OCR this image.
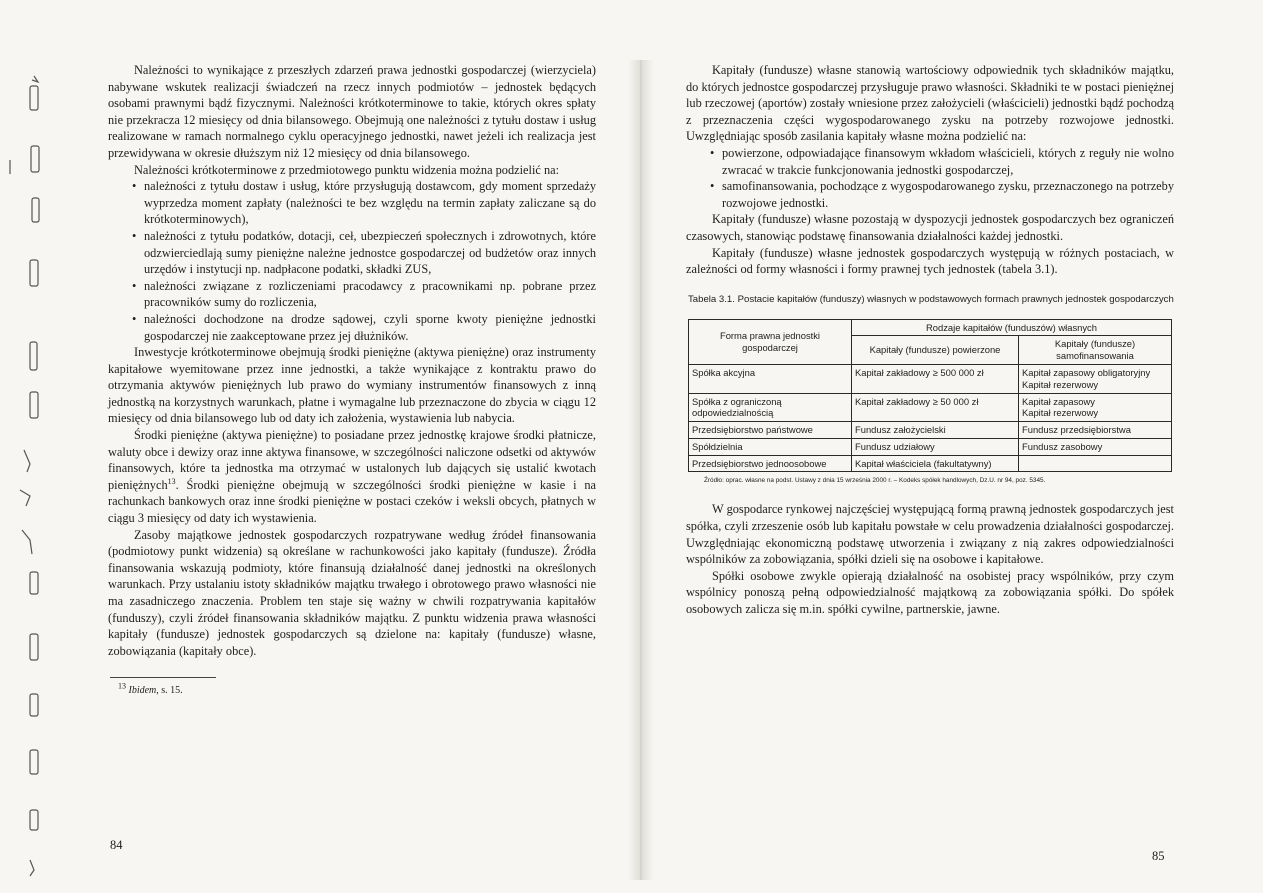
Należności to wynikające z przeszłych zdarzeń prawa jednostki gospodarczej (wierzyciela) nabywane wskutek realizacji świadczeń na rzecz innych podmiotów – jednostek będących osobami prawnymi bądź fizycznymi. Należności krótkoterminowe to takie, których okres spłaty nie przekracza 12 miesięcy od dnia bilansowego. Obejmują one należności z tytułu dostaw i usług realizowane w ramach normalnego cyklu operacyjnego jednostki, nawet jeżeli ich realizacja jest przewidywana w okresie dłuższym niż 12 miesięcy od dnia bilansowego.

Należności krótkoterminowe z przedmiotowego punktu widzenia można podzielić na:

• należności z tytułu dostaw i usług, które przysługują dostawcom, gdy moment sprzedaży wyprzedza moment zapłaty (należności te bez względu na termin zapłaty zaliczane są do krótkoterminowych),
• należności z tytułu podatków, dotacji, ceł, ubezpieczeń społecznych i zdrowotnych, które odzwierciedlają sumy pieniężne należne jednostce gospodarczej od budżetów oraz innych urzędów i instytucji np. nadpłacone podatki, składki ZUS,
• należności związane z rozliczeniami pracodawcy z pracownikami np. pobrane przez pracowników sumy do rozliczenia,
• należności dochodzone na drodze sądowej, czyli sporne kwoty pieniężne jednostki gospodarczej nie zaakceptowane przez jej dłużników.

Inwestycje krótkoterminowe obejmują środki pieniężne (aktywa pieniężne) oraz instrumenty kapitałowe wyemitowane przez inne jednostki, a także wynikające z kontraktu prawo do otrzymania aktywów pieniężnych lub prawo do wymiany instrumentów finansowych z inną jednostką na korzystnych warunkach, płatne i wymagalne lub przeznaczone do zbycia w ciągu 12 miesięcy od dnia bilansowego lub od daty ich założenia, wystawienia lub nabycia.

Środki pieniężne (aktywa pieniężne) to posiadane przez jednostkę krajowe środki płatnicze, waluty obce i dewizy oraz inne aktywa finansowe, w szczególności naliczone odsetki od aktywów finansowych, które ta jednostka ma otrzymać w ustalonych lub dających się ustalić kwotach pieniężnych$^{13}$. Środki pieniężne obejmują w szczególności środki pieniężne w kasie i na rachunkach bankowych oraz inne środki pieniężne w postaci czeków i weksli obcych, płatnych w ciągu 3 miesięcy od daty ich wystawienia.

Zasoby majątkowe jednostek gospodarczych rozpatrywane według źródeł finansowania (podmiotowy punkt widzenia) są określane w rachunkowości jako kapitały (fundusze). Źródła finansowania wskazują podmioty, które finansują działalność danej jednostki na określonych warunkach. Przy ustalaniu istoty składników majątku trwałego i obrotowego prawo własności nie ma zasadniczego znaczenia. Problem ten staje się ważny w chwili rozpatrywania kapitałów (funduszy), czyli źródeł finansowania składników majątku. Z punktu widzenia prawa własności kapitały (fundusze) jednostek gospodarczych są dzielone na: kapitały (fundusze) własne, zobowiązania (kapitały obce).

$^{13}$ Ibidem, s. 15.
84

Kapitały (fundusze) własne stanowią wartościowy odpowiednik tych składników majątku, do których jednostce gospodarczej przysługuje prawo własności. Składniki te w postaci pieniężnej lub rzeczowej (aportów) zostały wniesione przez założycieli (właścicieli) jednostki bądź pochodzą z przeznaczenia części wygospodarowanego zysku na potrzeby rozwojowe jednostki. Uwzględniając sposób zasilania kapitały własne można podzielić na:

• powierzone, odpowiadające finansowym wkładom właścicieli, których z reguły nie wolno zwracać w trakcie funkcjonowania jednostki gospodarczej,
• samofinansowania, pochodzące z wygospodarowanego zysku, przeznaczonego na potrzeby rozwojowe jednostki.

Kapitały (fundusze) własne pozostają w dyspozycji jednostek gospodarczych bez ograniczeń czasowych, stanowiąc podstawę finansowania działalności każdej jednostki.

Kapitały (fundusze) własne jednostek gospodarczych występują w różnych postaciach, w zależności od formy własności i formy prawnej tych jednostek (tabela 3.1).

Tabela 3.1. Postacie kapitałów (funduszy) własnych w podstawowych formach prawnych jednostek gospodarczych
Forma prawna jednostki gospodarczej	Rodzaje kapitałów (funduszów) własnych	
	Kapitały (fundusze) powierzone	Kapitały (fundusze) samofinansowania
Spółka akcyjna	Kapitał zakładowy ≥ 500 000 zł	Kapitał zapasowy obligatoryjny
Kapitał rezerwowy

Spółka z ograniczoną odpowiedzialnością	Kapitał zakładowy ≥ 50 000 zł	Kapitał zapasowy
Kapitał rezerwowy

Przedsiębiorstwo państwowe	Fundusz założycielski	Fundusz przedsiębiorstwa
Spółdzielnia	Fundusz udziałowy	Fundusz zasobowy
Przedsiębiorstwo jednoosobowe	Kapitał właściciela (fakultatywny)	
Źródło: oprac. własne na podst. Ustawy z dnia 15 września 2000 r. – Kodeks spółek handlowych, Dz.U. nr 94, poz. 5345.

W gospodarce rynkowej najczęściej występującą formą prawną jednostek gospodarczych jest spółka, czyli zrzeszenie osób lub kapitału powstałe w celu prowadzenia działalności gospodarczej. Uwzględniając ekonomiczną podstawę utworzenia i związany z nią zakres odpowiedzialności wspólników za zobowiązania, spółki dzieli się na osobowe i kapitałowe.

Spółki osobowe zwykle opierają działalność na osobistej pracy wspólników, przy czym wspólnicy ponoszą pełną odpowiedzialność majątkową za zobowiązania spółki. Do spółek osobowych zalicza się m.in. spółki cywilne, partnerskie, jawne.

85
